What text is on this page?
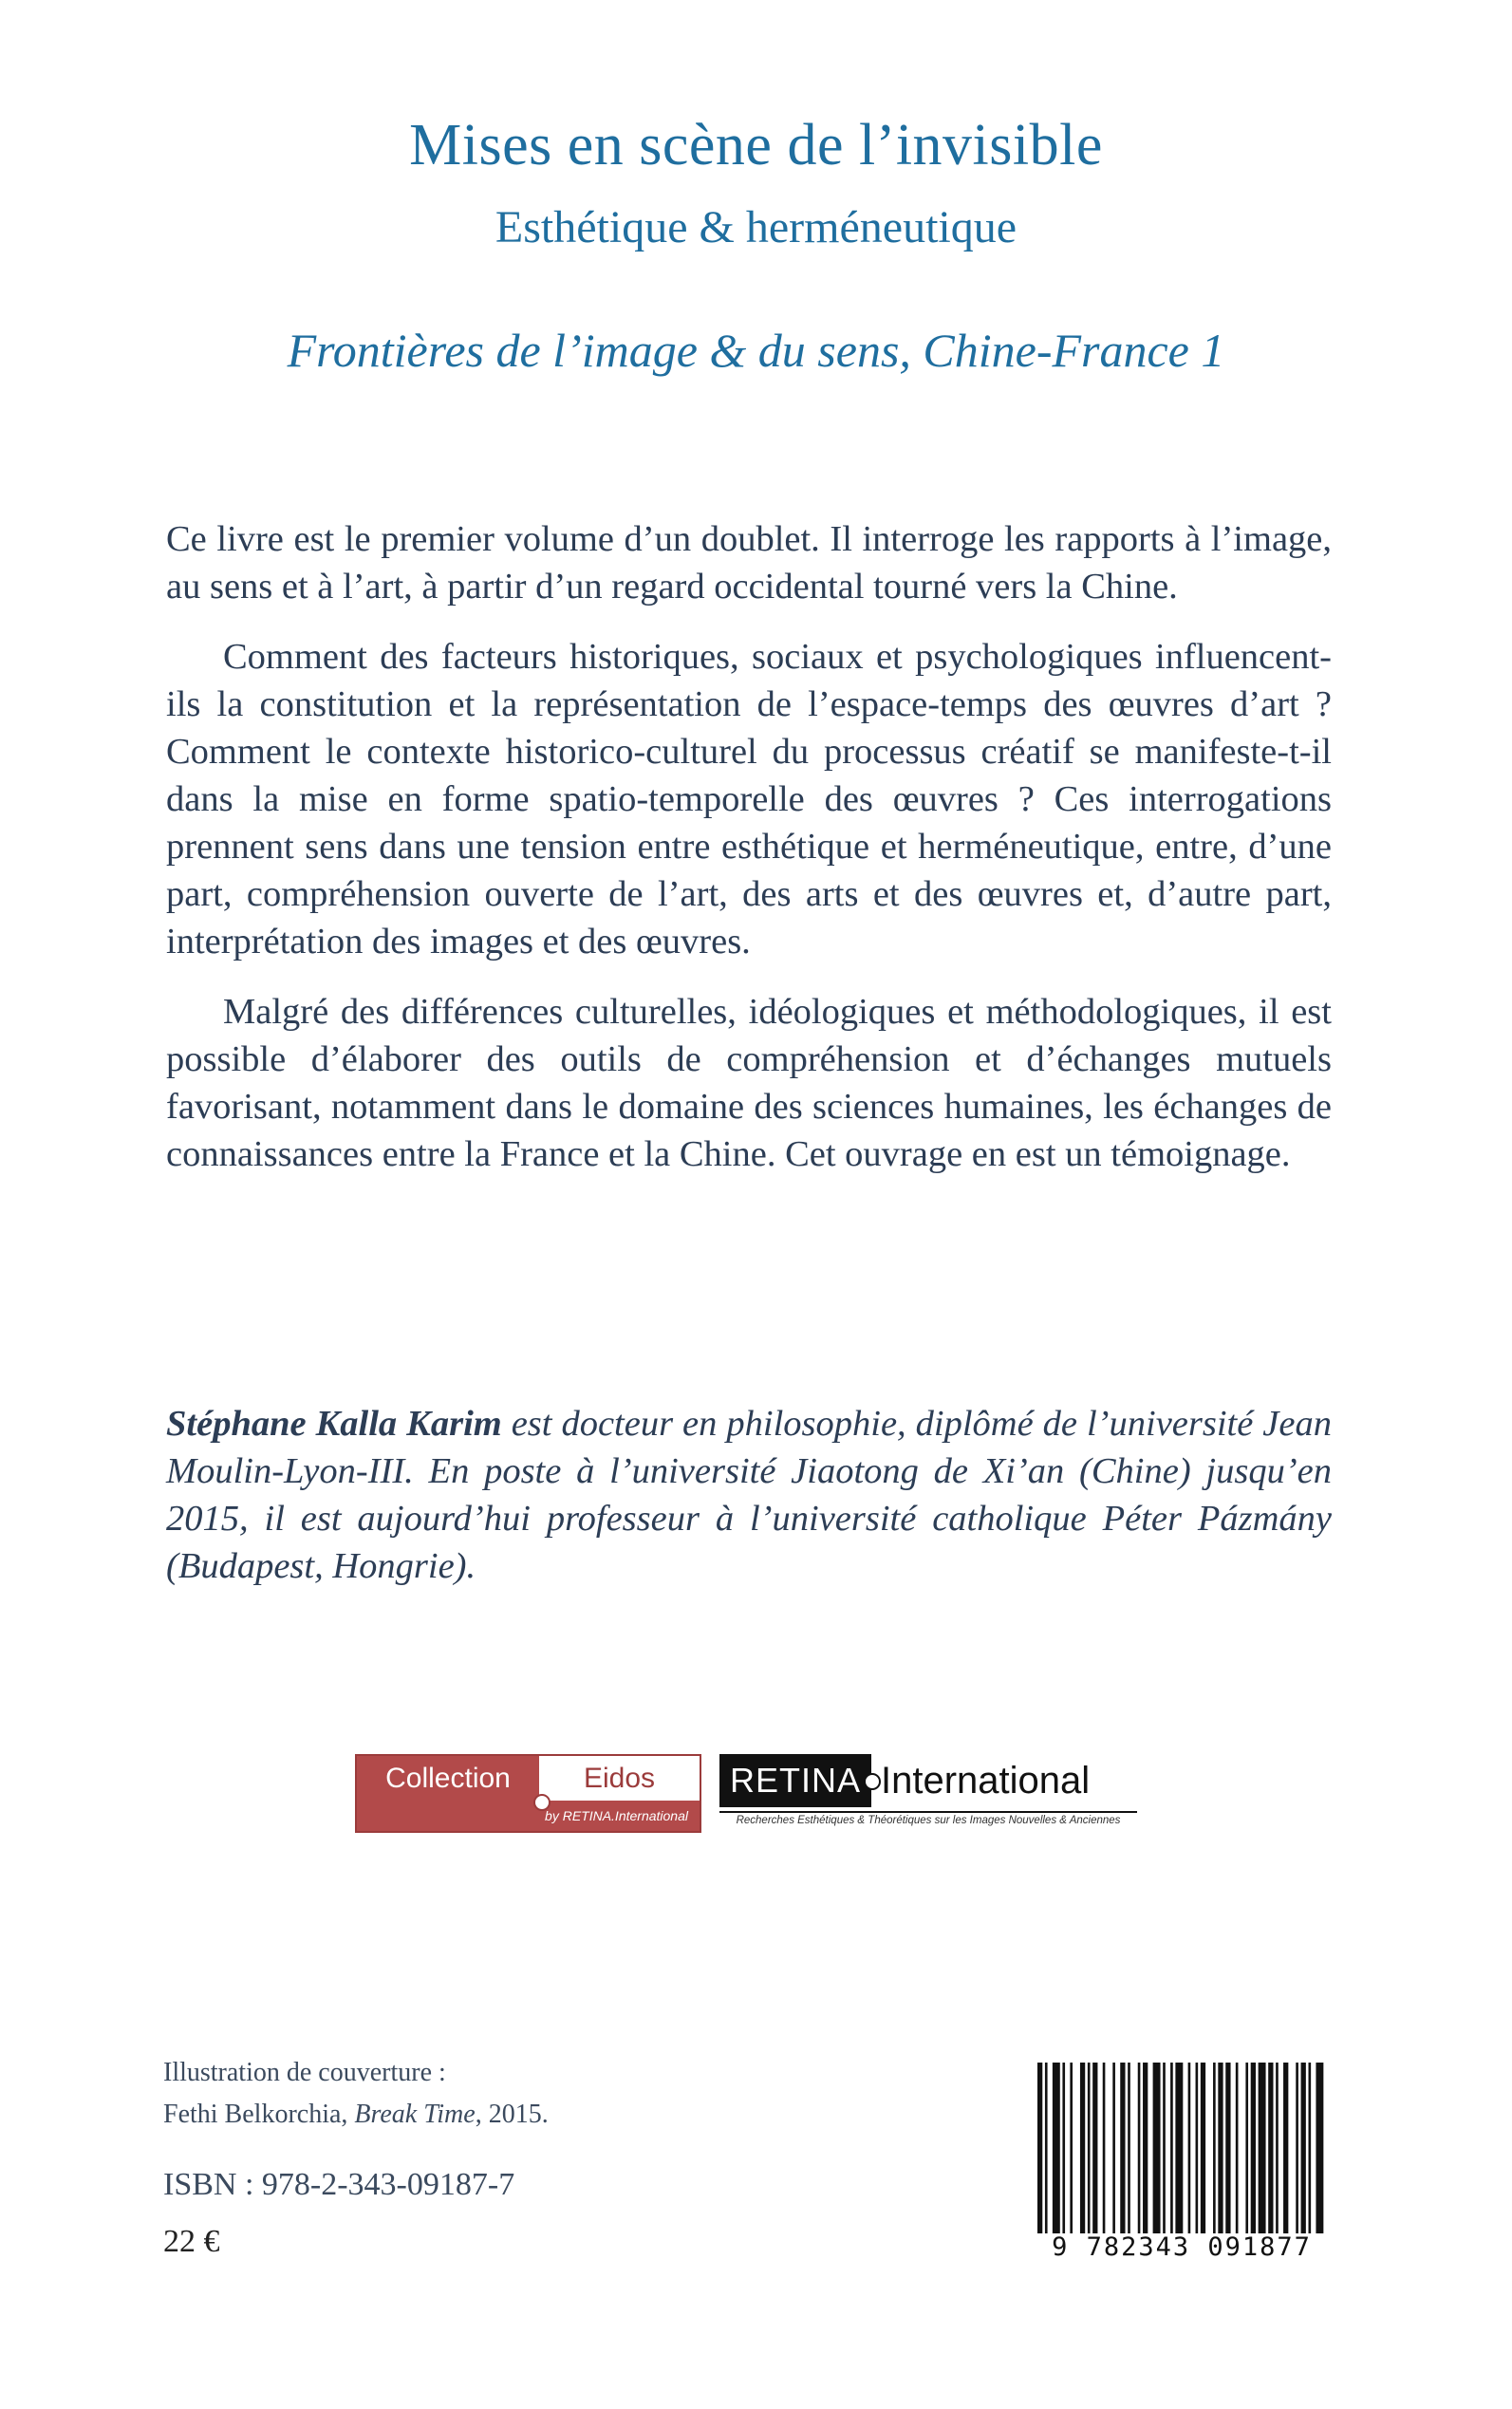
Mises en scène de l’invisible
Esthétique & herméneutique
Frontières de l’image & du sens, Chine-France 1

Ce livre est le premier volume d’un doublet. Il interroge les rapports à l’image, au sens et à l’art, à partir d’un regard occidental tourné vers la Chine.

Comment des facteurs historiques, sociaux et psychologiques influencent-ils la constitution et la représentation de l’espace-temps des œuvres d’art ? Comment le contexte historico-culturel du processus créatif se manifeste-t-il dans la mise en forme spatio-temporelle des œuvres ? Ces interrogations prennent sens dans une tension entre esthétique et herméneutique, entre, d’une part, compréhension ouverte de l’art, des arts et des œuvres et, d’autre part, interprétation des images et des œuvres.

Malgré des différences culturelles, idéologiques et méthodologiques, il est possible d’élaborer des outils de compréhension et d’échanges mutuels favorisant, notamment dans le domaine des sciences humaines, les échanges de connaissances entre la France et la Chine. Cet ouvrage en est un témoignage.

Stéphane Kalla Karim est docteur en philosophie, diplômé de l’université Jean Moulin-Lyon-III. En poste à l’université Jiaotong de Xi’an (Chine) jusqu’en 2015, il est aujourd’hui professeur à l’université catholique Péter Pázmány (Budapest, Hongrie).
Collection	Eidos
by RETINA.International
RETINA International
Recherches Esthétiques & Théorétiques sur les Images Nouvelles & Anciennes
Illustration de couverture :
Fethi Belkorchia, Break Time, 2015.
ISBN : 978-2-343-09187-7
22 €	9 782343 091877
